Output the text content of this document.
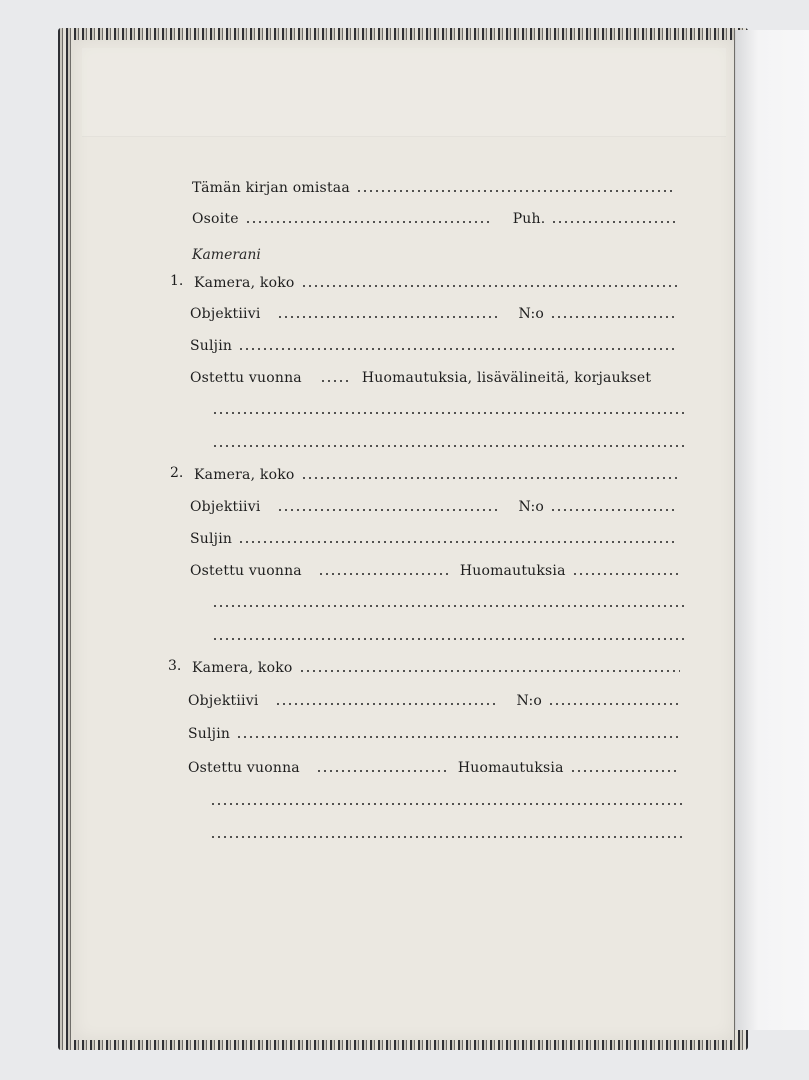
Tämän kirjan omistaa
Osoite	Puh.
Kamerani
1. Kamera, koko
Objektiivi	N:o
Suljin
Ostettu vuonna	Huomautuksia, lisävälineitä, korjaukset
2. Kamera, koko
Objektiivi	N:o
Suljin
Ostettu vuonna	Huomautuksia
3. Kamera, koko
Objektiivi	N:o
Suljin
Ostettu vuonna	Huomautuksia
